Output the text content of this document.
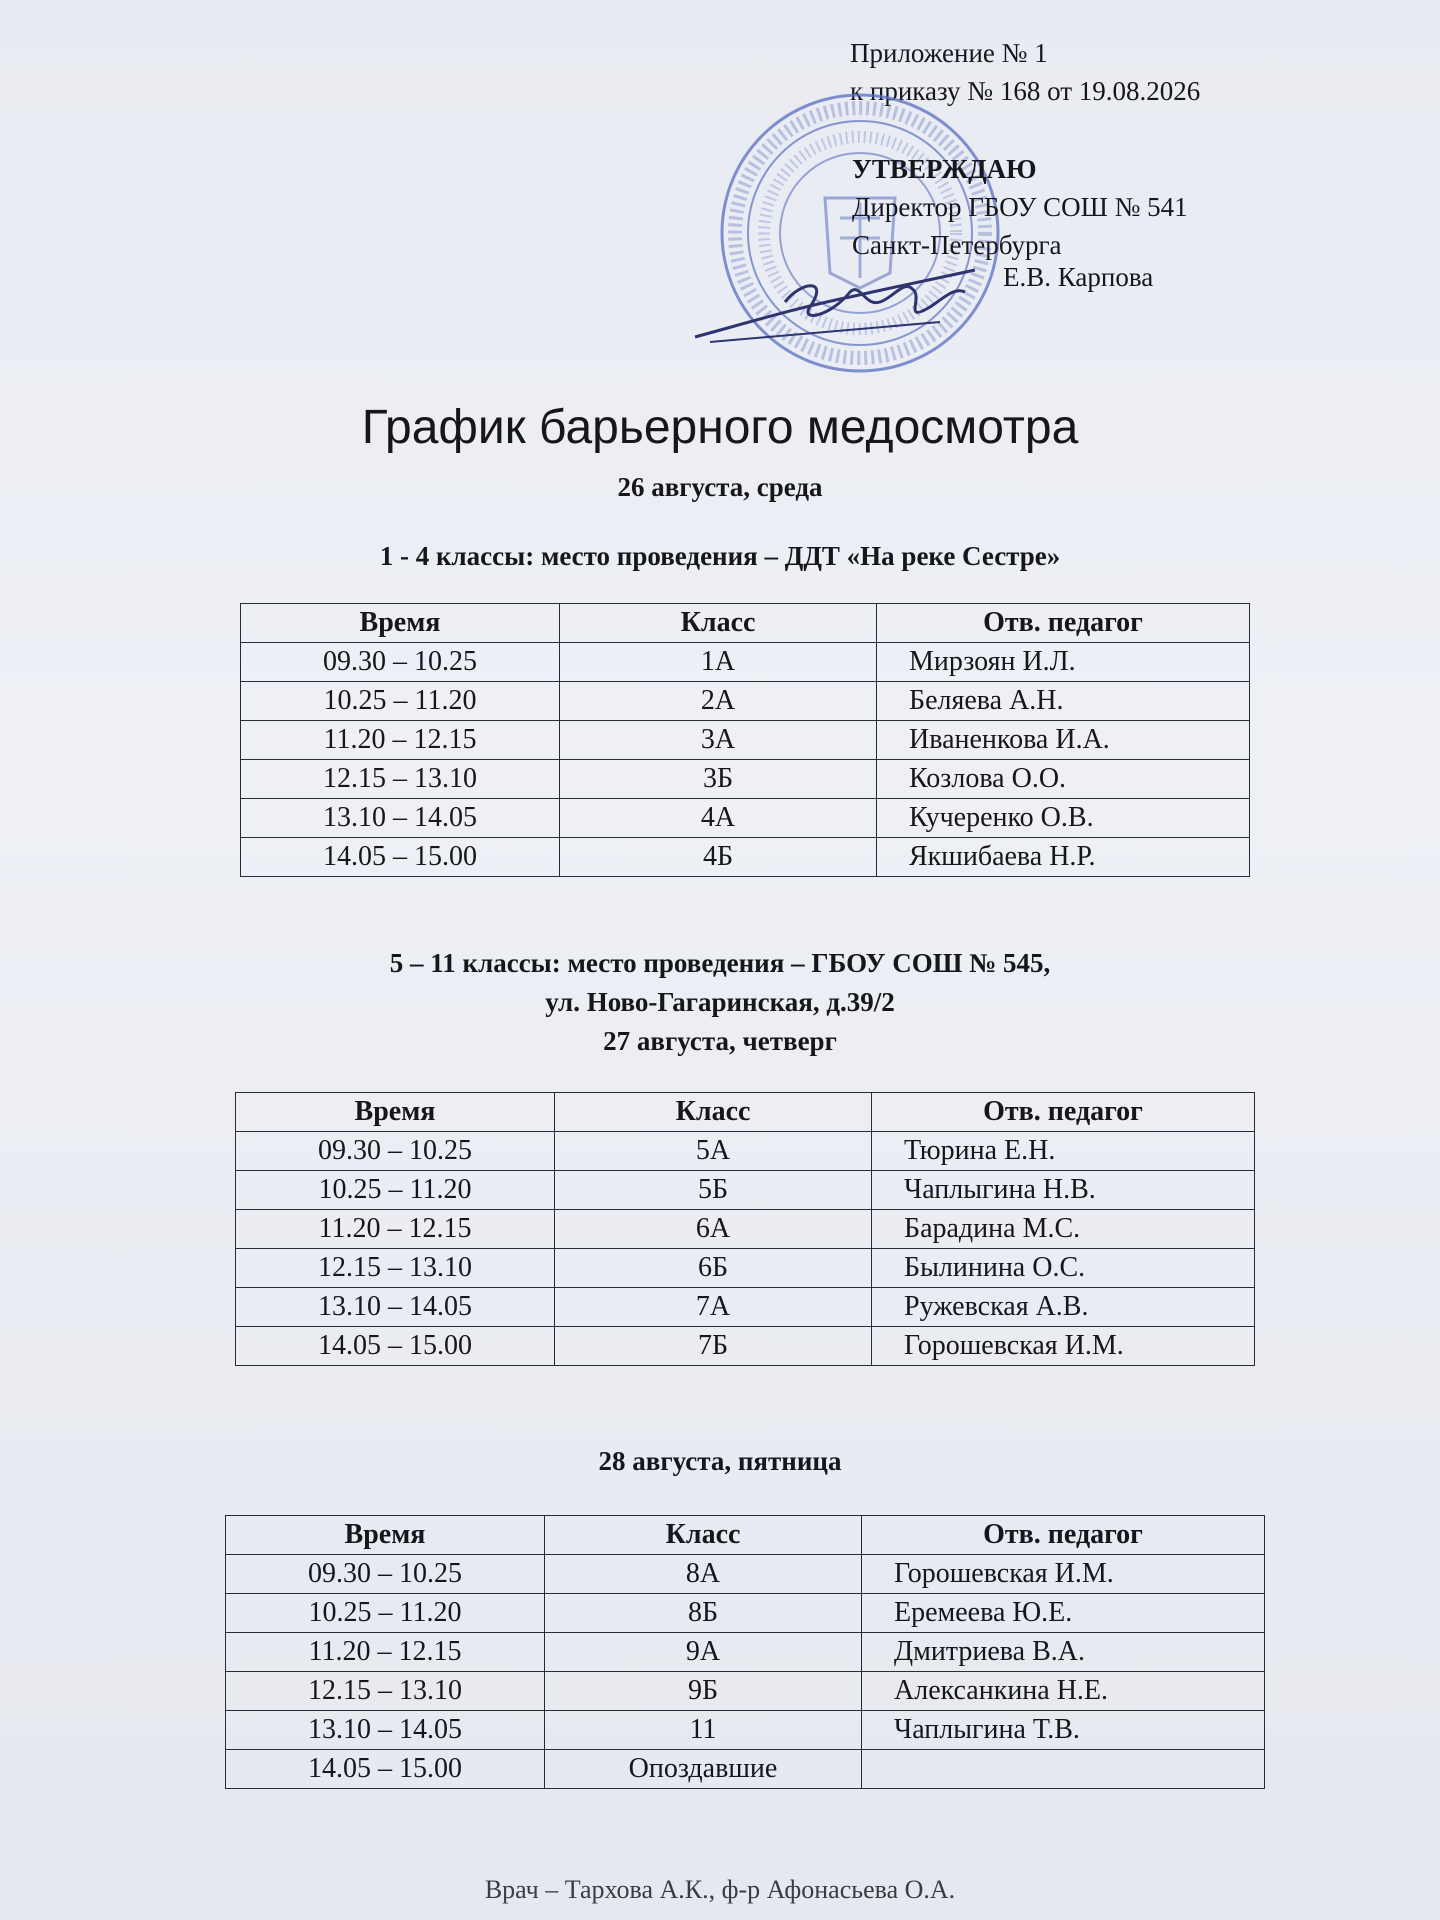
Приложение № 1
к приказу № 168 от 19.08.2026
УТВЕРЖДАЮ
Директор ГБОУ СОШ № 541
Санкт-Петербурга
Е.В. Карпова
График барьерного медосмотра
26 августа, среда
1 - 4 классы: место проведения – ДДТ «На реке Сестре»
Время	Класс	Отв. педагог
09.30 – 10.25	1А	Мирзоян И.Л.
10.25 – 11.20	2А	Беляева А.Н.
11.20 – 12.15	3А	Иваненкова И.А.
12.15 – 13.10	3Б	Козлова О.О.
13.10 – 14.05	4А	Кучеренко О.В.
14.05 – 15.00	4Б	Якшибаева Н.Р.
5 – 11 классы: место проведения – ГБОУ СОШ № 545,
ул. Ново-Гагаринская, д.39/2
27 августа, четверг
Время	Класс	Отв. педагог
09.30 – 10.25	5А	Тюрина Е.Н.
10.25 – 11.20	5Б	Чаплыгина Н.В.
11.20 – 12.15	6А	Барадина М.С.
12.15 – 13.10	6Б	Былинина О.С.
13.10 – 14.05	7А	Ружевская А.В.
14.05 – 15.00	7Б	Горошевская И.М.
28 августа, пятница
Время	Класс	Отв. педагог
09.30 – 10.25	8А	Горошевская И.М.
10.25 – 11.20	8Б	Еремеева Ю.Е.
11.20 – 12.15	9А	Дмитриева В.А.
12.15 – 13.10	9Б	Алексанкина Н.Е.
13.10 – 14.05	11	Чаплыгина Т.В.
14.05 – 15.00	Опоздавшие	
Врач – Тархова А.К., ф-р Афонасьева О.А.
